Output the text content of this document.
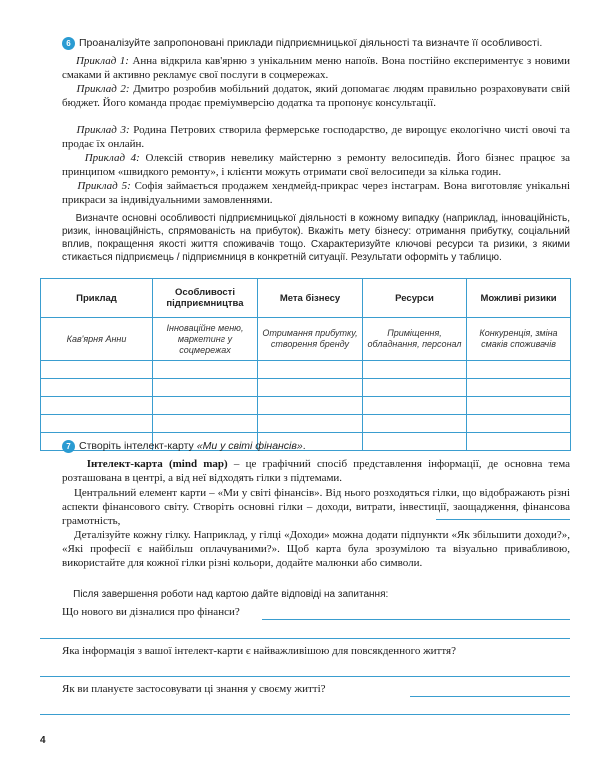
6 Проаналізуйте запропоновані приклади підприємницької діяльності та визначте її особливості.
Приклад 1: Анна відкрила кав'ярню з унікальним меню напоїв. Вона постійно експериментує з новими смаками й активно рекламує свої послуги в соцмережах.
Приклад 2: Дмитро розробив мобільний додаток, який допомагає людям правильно розраховувати свій бюджет. Його команда продає преміумверсію додатка та пропонує консультації.
Приклад 3: Родина Петрових створила фермерське господарство, де вирощує екологічно чисті овочі та продає їх онлайн.
Приклад 4: Олексій створив невелику майстерню з ремонту велосипедів. Його бізнес працює за принципом «швидкого ремонту», і клієнти можуть отримати свої велосипеди за кілька годин.
Приклад 5: Софія займається продажем хендмейд-прикрас через інстаграм. Вона виготовляє унікальні прикраси за індивідуальними замовленнями.
Визначте основні особливості підприємницької діяльності в кожному випадку (наприклад, інноваційність, ризик, інноваційність, спрямованість на прибуток). Вкажіть мету бізнесу: отримання прибутку, соціальний вплив, покращення якості життя споживачів тощо. Схарактеризуйте ключові ресурси та ризики, з якими стикається підприємець / підприємниця в конкретній ситуації. Результати оформіть у таблицю.
Приклад	Особливості підприємництва	Мета бізнесу	Ресурси	Можливі ризики
Кав'ярня Анни	Інноваційне меню, маркетинг у соцмережах	Отримання прибутку, створення бренду	Приміщення, обладнання, персонал	Конкуренція, зміна смаків споживачів

7 Створіть інтелект-карту «Ми у світі фінансів».
Інтелект-карта (mind map) – це графічний спосіб представлення інформації, де основна тема розташована в центрі, а від неї відходять гілки з підтемами.
Центральний елемент карти – «Ми у світі фінансів». Від нього розходяться гілки, що відображають різні аспекти фінансового світу. Створіть основні гілки – доходи, витрати, інвестиції, заощадження, фінансова грамотність,
Деталізуйте кожну гілку. Наприклад, у гілці «Доходи» можна додати підпункти «Як збільшити доходи?», «Які професії є найбільш оплачуваними?». Щоб карта була зрозумілою та візуально привабливою, використайте для кожної гілки різні кольори, додайте малюнки або символи.
Після завершення роботи над картою дайте відповіді на запитання:
Що нового ви дізналися про фінанси?
Яка інформація з вашої інтелект-карти є найважливішою для повсякденного життя?
Як ви плануєте застосовувати ці знання у своєму житті?
4
